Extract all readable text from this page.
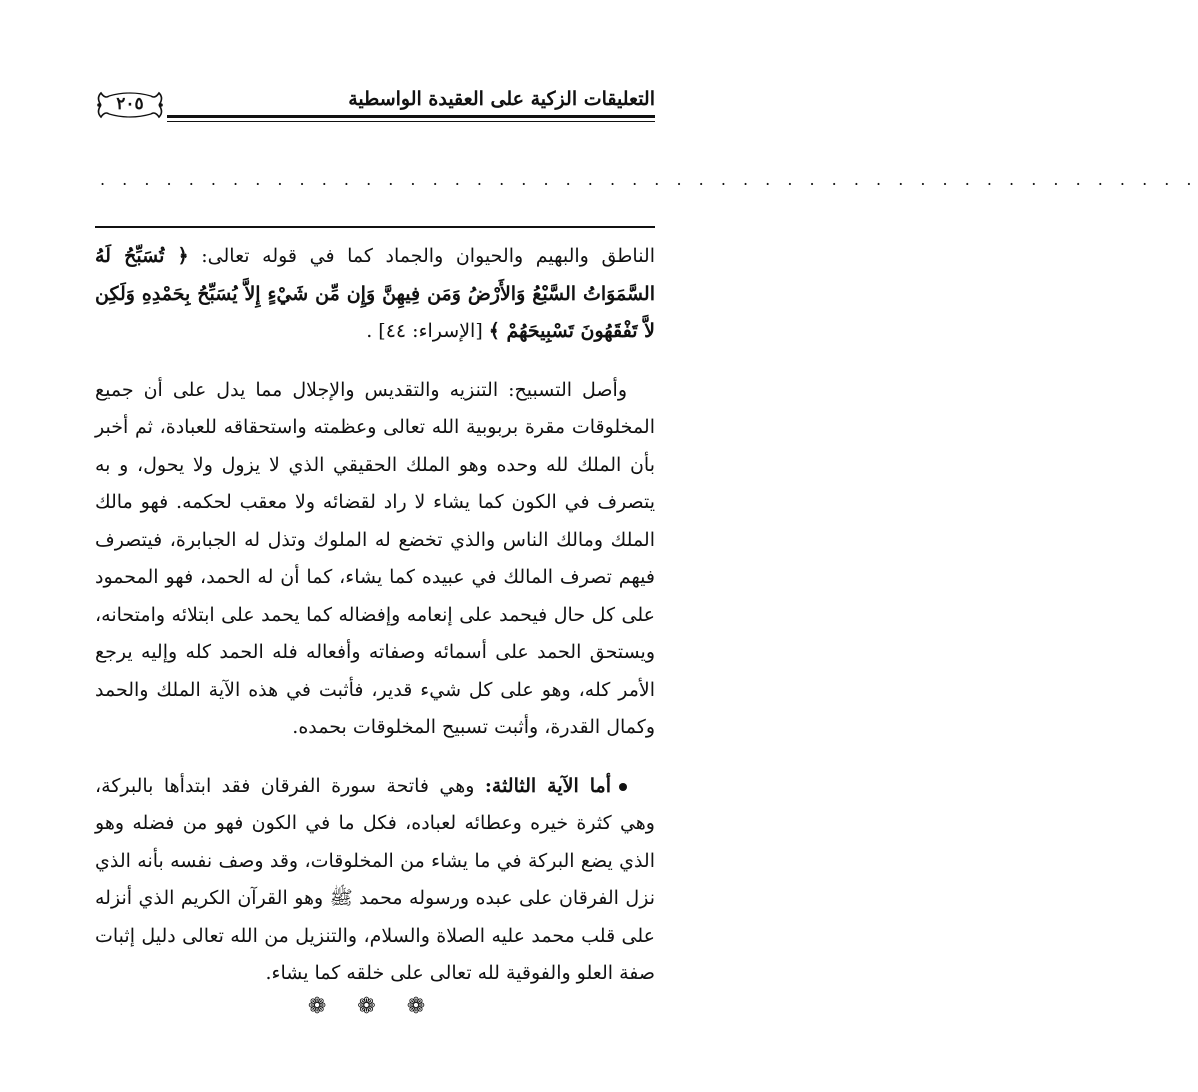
التعليقات الزكية على العقيدة الواسطية
٢٠٥
. . . . . . . . . . . . . . . . . . . . . . . . . . . . . . . . . . . . . . . . . . . . . . . . . .

الناطق والبهيم والحيوان والجماد كما في قوله تعالى: ﴿ تُسَبِّحُ لَهُ السَّمَوَاتُ السَّبْعُ وَالأَرْضُ وَمَن فِيهِنَّ وَإِن مِّن شَيْءٍ إِلاَّ يُسَبِّحُ بِحَمْدِهِ وَلَكِن لاَّ تَفْقَهُونَ تَسْبِيحَهُمْ ﴾ [الإسراء: ٤٤] .

وأصل التسبيح: التنزيه والتقديس والإجلال مما يدل على أن جميع المخلوقات مقرة بربوبية الله تعالى وعظمته واستحقاقه للعبادة، ثم أخبر بأن الملك لله وحده وهو الملك الحقيقي الذي لا يزول ولا يحول، و به يتصرف في الكون كما يشاء لا راد لقضائه ولا معقب لحكمه. فهو مالك الملك ومالك الناس والذي تخضع له الملوك وتذل له الجبابرة، فيتصرف فيهم تصرف المالك في عبيده كما يشاء، كما أن له الحمد، فهو المحمود على كل حال فيحمد على إنعامه وإفضاله كما يحمد على ابتلائه وامتحانه، ويستحق الحمد على أسمائه وصفاته وأفعاله فله الحمد كله وإليه يرجع الأمر كله، وهو على كل شيء قدير، فأثبت في هذه الآية الملك والحمد وكمال القدرة، وأثبت تسبيح المخلوقات بحمده.

أما الآية الثالثة: وهي فاتحة سورة الفرقان فقد ابتدأها بالبركة، وهي كثرة خيره وعطائه لعباده، فكل ما في الكون فهو من فضله وهو الذي يضع البركة في ما يشاء من المخلوقات، وقد وصف نفسه بأنه الذي نزل الفرقان على عبده ورسوله محمد ﷺ وهو القرآن الكريم الذي أنزله على قلب محمد عليه الصلاة والسلام، والتنزيل من الله تعالى دليل إثبات صفة العلو والفوقية لله تعالى على خلقه كما يشاء.

❁ ❁ ❁
